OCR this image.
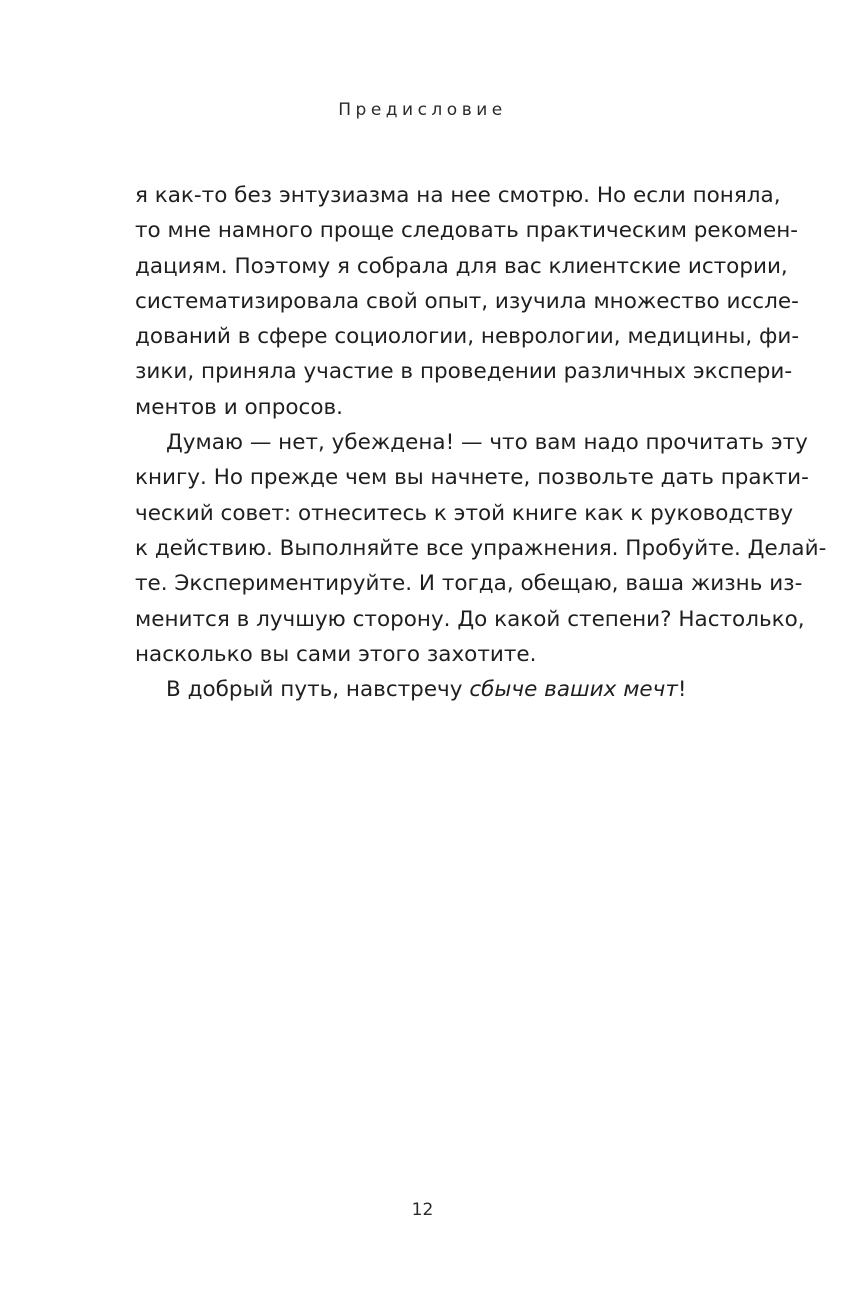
Предисловие
я как-то без энтузиазма на нее смотрю. Но если поняла,
то мне намного проще следовать практическим рекомен-
дациям. Поэтому я собрала для вас клиентские истории,
систематизировала свой опыт, изучила множество иссле-
дований в сфере социологии, неврологии, медицины, фи-
зики, приняла участие в проведении различных экспери-
ментов и опросов.
Думаю — нет, убеждена! — что вам надо прочитать эту
книгу. Но прежде чем вы начнете, позвольте дать практи-
ческий совет: отнеситесь к этой книге как к руководству
к действию. Выполняйте все упражнения. Пробуйте. Делай-
те. Экспериментируйте. И тогда, обещаю, ваша жизнь из-
менится в лучшую сторону. До какой степени? Настолько,
насколько вы сами этого захотите.
В добрый путь, навстречу сбыче ваших мечт!
12
